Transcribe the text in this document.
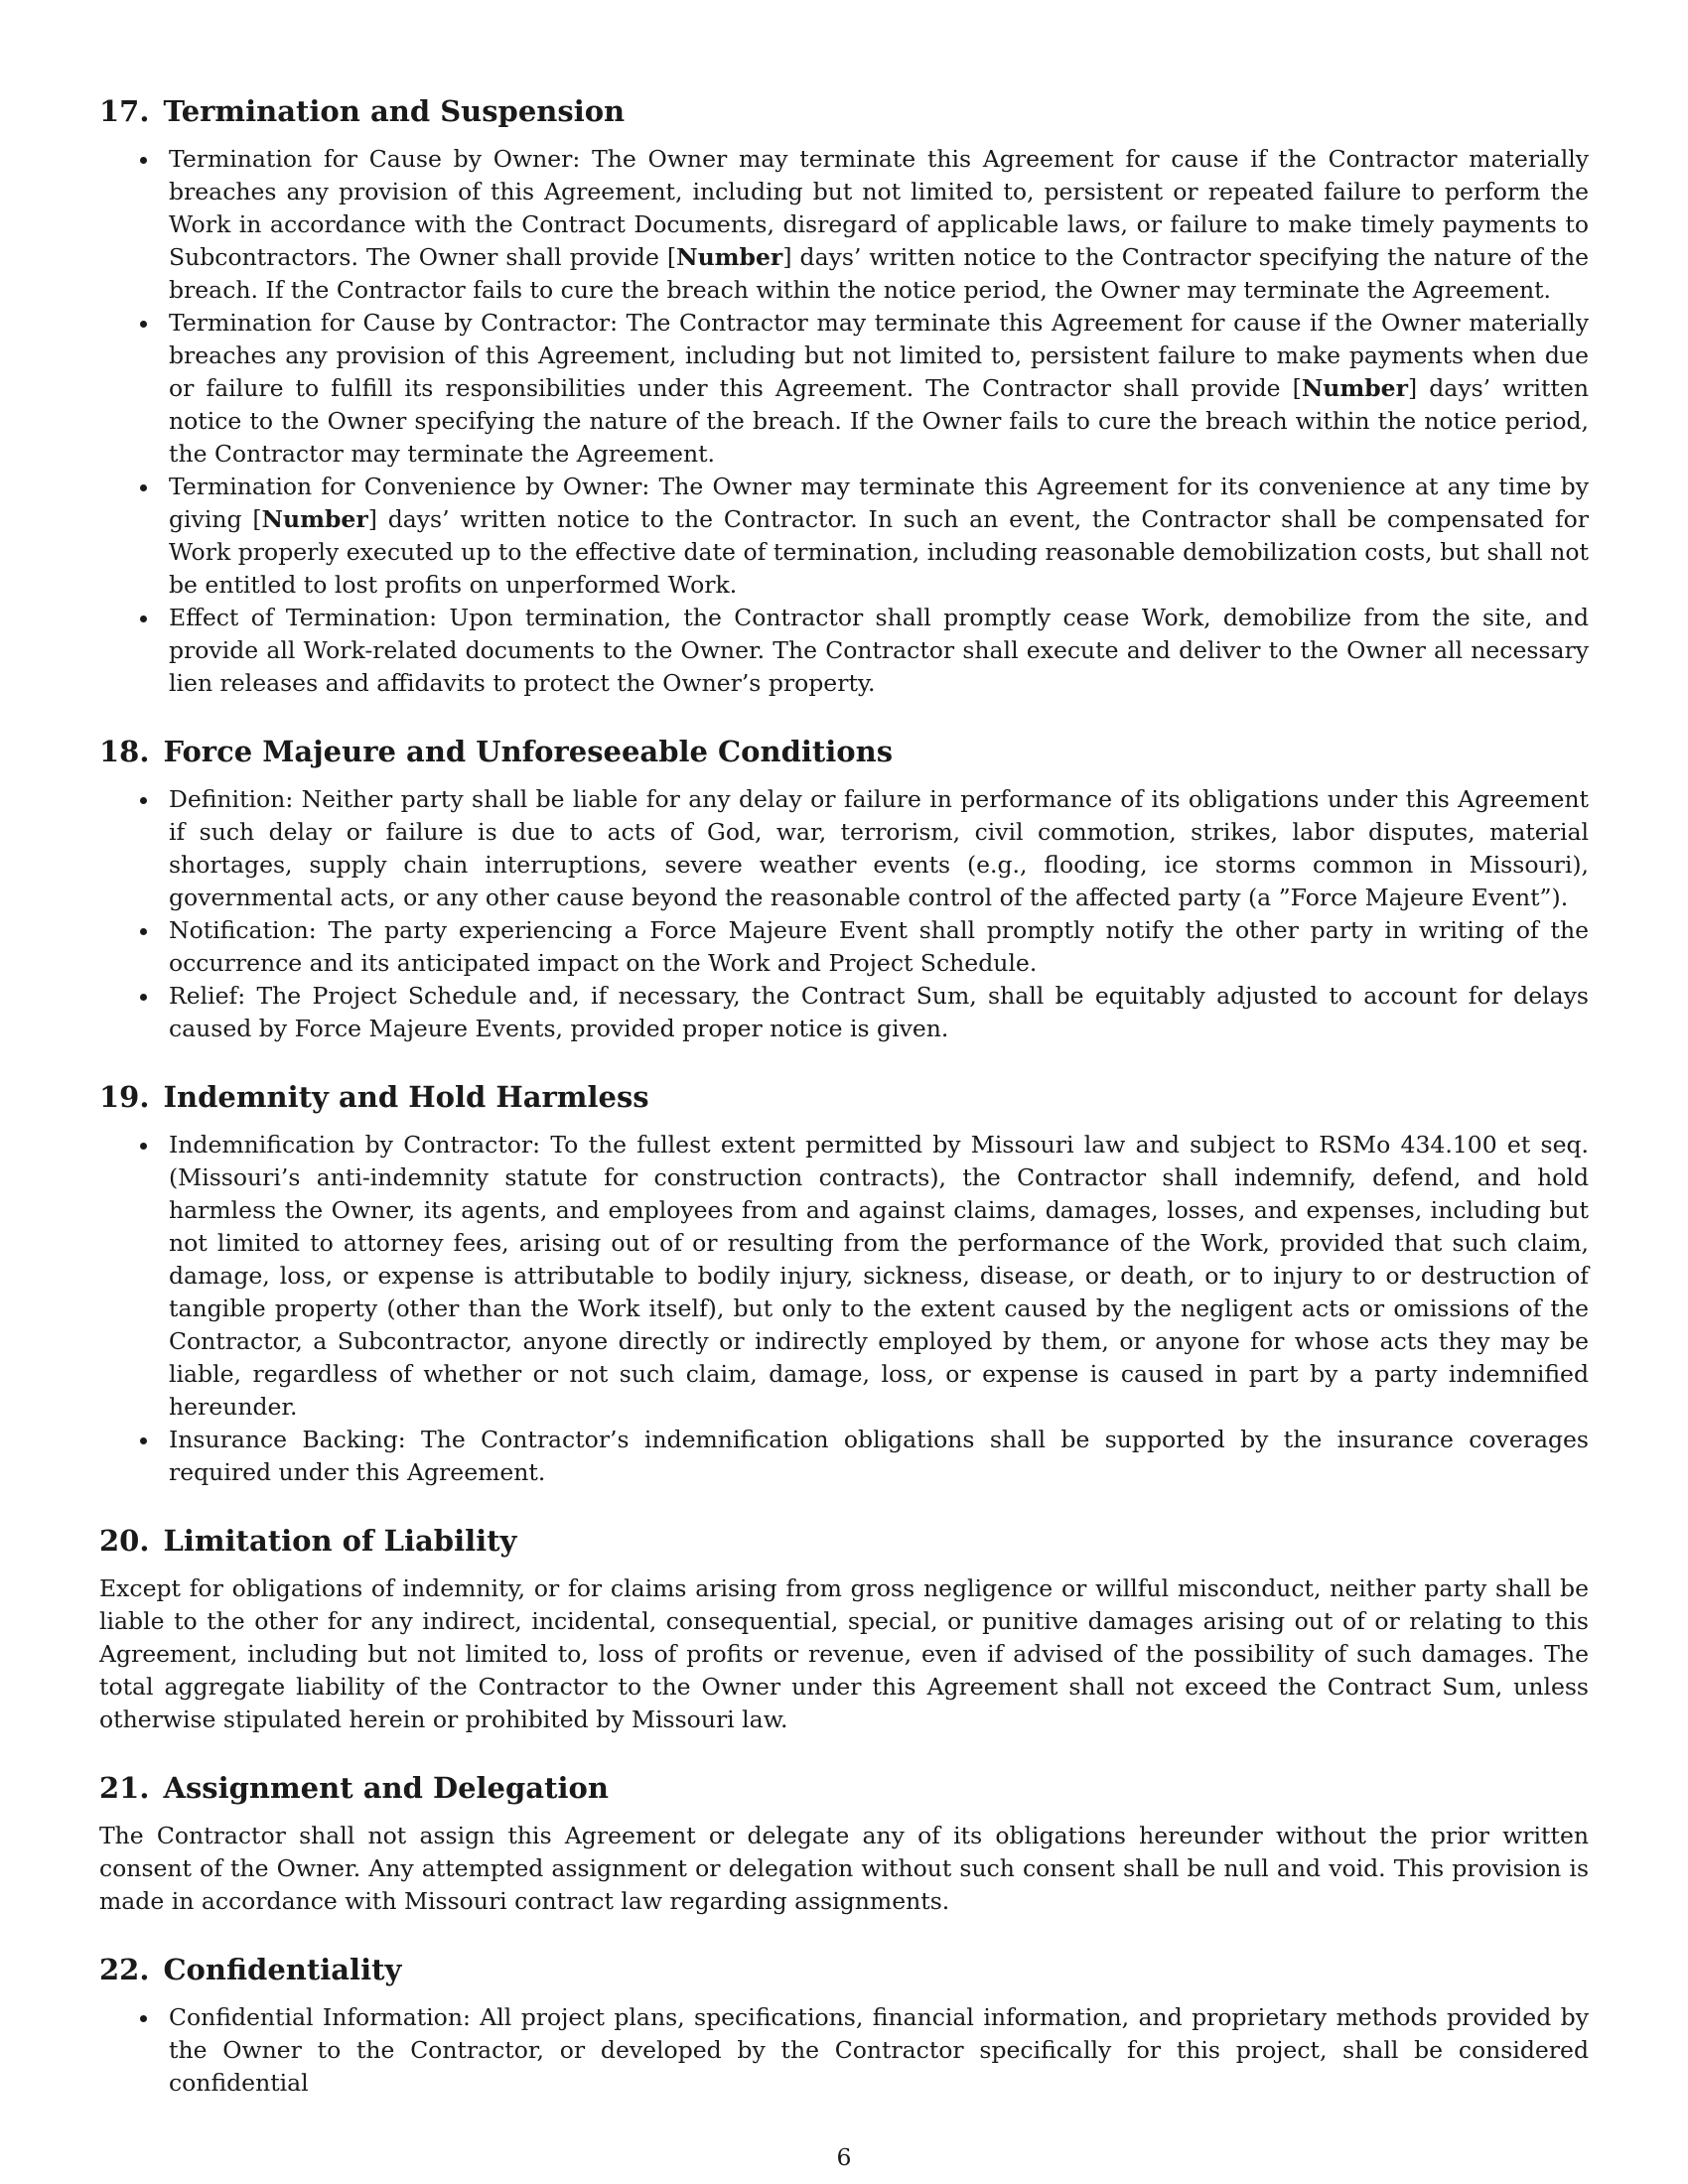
17. Termination and Suspension
Termination for Cause by Owner: The Owner may terminate this Agreement for cause if the Contractor materially breaches any provision of this Agreement, including but not limited to, persistent or repeated failure to perform the Work in accordance with the Contract Documents, disregard of applicable laws, or failure to make timely payments to Subcontractors. The Owner shall provide [Number] days’ written notice to the Contractor specifying the nature of the breach. If the Contractor fails to cure the breach within the notice period, the Owner may terminate the Agreement.
Termination for Cause by Contractor: The Contractor may terminate this Agreement for cause if the Owner materially breaches any provision of this Agreement, including but not limited to, persistent failure to make payments when due or failure to fulfill its responsibilities under this Agreement. The Contractor shall provide [Number] days’ written notice to the Owner specifying the nature of the breach. If the Owner fails to cure the breach within the notice period, the Contractor may terminate the Agreement.
Termination for Convenience by Owner: The Owner may terminate this Agreement for its convenience at any time by giving [Number] days’ written notice to the Contractor. In such an event, the Contractor shall be compensated for Work properly executed up to the effective date of termination, including reasonable demobilization costs, but shall not be entitled to lost profits on unperformed Work.
Effect of Termination: Upon termination, the Contractor shall promptly cease Work, demobilize from the site, and provide all Work-related documents to the Owner. The Contractor shall execute and deliver to the Owner all necessary lien releases and affidavits to protect the Owner’s property.
18. Force Majeure and Unforeseeable Conditions
Definition: Neither party shall be liable for any delay or failure in performance of its obligations under this Agreement if such delay or failure is due to acts of God, war, terrorism, civil commotion, strikes, labor disputes, material shortages, supply chain interruptions, severe weather events (e.g., flooding, ice storms common in Missouri), governmental acts, or any other cause beyond the reasonable control of the affected party (a ”Force Majeure Event”).
Notification: The party experiencing a Force Majeure Event shall promptly notify the other party in writing of the occurrence and its anticipated impact on the Work and Project Schedule.
Relief: The Project Schedule and, if necessary, the Contract Sum, shall be equitably adjusted to account for delays caused by Force Majeure Events, provided proper notice is given.
19. Indemnity and Hold Harmless
Indemnification by Contractor: To the fullest extent permitted by Missouri law and subject to RSMo 434.100 et seq. (Missouri’s anti-indemnity statute for construction contracts), the Contractor shall indemnify, defend, and hold harmless the Owner, its agents, and employees from and against claims, damages, losses, and expenses, including but not limited to attorney fees, arising out of or resulting from the performance of the Work, provided that such claim, damage, loss, or expense is attributable to bodily injury, sickness, disease, or death, or to injury to or destruction of tangible property (other than the Work itself), but only to the extent caused by the negligent acts or omissions of the Contractor, a Subcontractor, anyone directly or indirectly employed by them, or anyone for whose acts they may be liable, regardless of whether or not such claim, damage, loss, or expense is caused in part by a party indemnified hereunder.
Insurance Backing: The Contractor’s indemnification obligations shall be supported by the insurance coverages required under this Agreement.
20. Limitation of Liability

Except for obligations of indemnity, or for claims arising from gross negligence or willful misconduct, neither party shall be liable to the other for any indirect, incidental, consequential, special, or punitive damages arising out of or relating to this Agreement, including but not limited to, loss of profits or revenue, even if advised of the possibility of such damages. The total aggregate liability of the Contractor to the Owner under this Agreement shall not exceed the Contract Sum, unless otherwise stipulated herein or prohibited by Missouri law.

21. Assignment and Delegation

The Contractor shall not assign this Agreement or delegate any of its obligations hereunder without the prior written consent of the Owner. Any attempted assignment or delegation without such consent shall be null and void. This provision is made in accordance with Missouri contract law regarding assignments.

22. Confidentiality
Confidential Information: All project plans, specifications, financial information, and proprietary methods provided by the Owner to the Contractor, or developed by the Contractor specifically for this project, shall be considered confidential
6
